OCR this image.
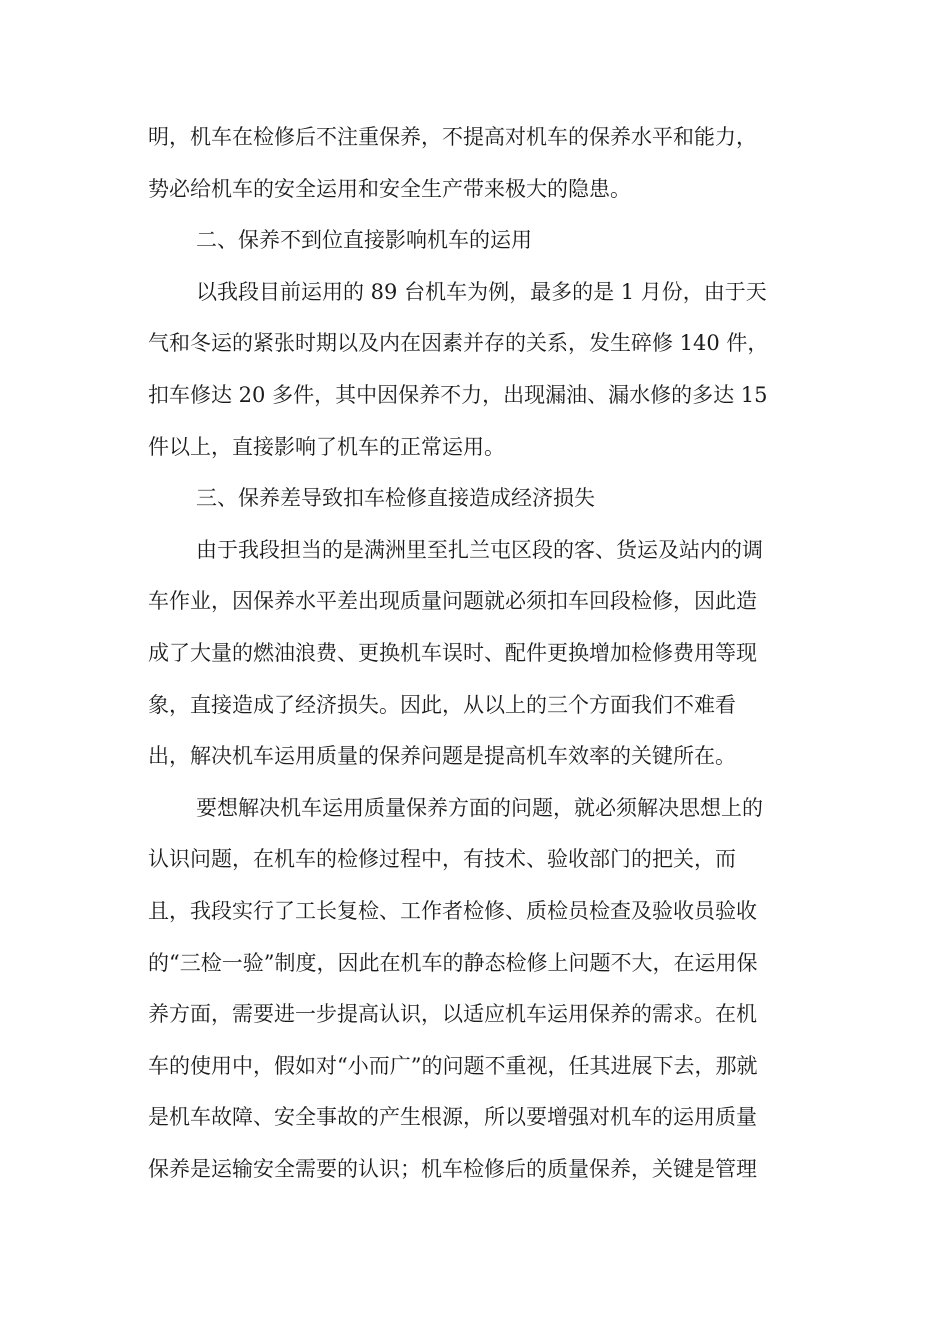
明，机车在检修后不注重保养，不提高对机车的保养水平和能力，
势必给机车的安全运用和安全生产带来极大的隐患。
二、保养不到位直接影响机车的运用
以我段目前运用的 89 台机车为例，最多的是 1 月份，由于天
气和冬运的紧张时期以及内在因素并存的关系，发生碎修 140 件，
扣车修达 20 多件，其中因保养不力，出现漏油、漏水修的多达 15
件以上，直接影响了机车的正常运用。
三、保养差导致扣车检修直接造成经济损失
由于我段担当的是满洲里至扎兰屯区段的客、货运及站内的调
车作业，因保养水平差出现质量问题就必须扣车回段检修，因此造
成了大量的燃油浪费、更换机车误时、配件更换增加检修费用等现
象，直接造成了经济损失。因此，从以上的三个方面我们不难看
出，解决机车运用质量的保养问题是提高机车效率的关键所在。
要想解决机车运用质量保养方面的问题，就必须解决思想上的
认识问题，在机车的检修过程中，有技术、验收部门的把关，而
且，我段实行了工长复检、工作者检修、质检员检查及验收员验收
的“三检一验”制度，因此在机车的静态检修上问题不大，在运用保
养方面，需要进一步提高认识，以适应机车运用保养的需求。在机
车的使用中，假如对“小而广”的问题不重视，任其进展下去，那就
是机车故障、安全事故的产生根源，所以要增强对机车的运用质量
保养是运输安全需要的认识；机车检修后的质量保养，关键是管理
